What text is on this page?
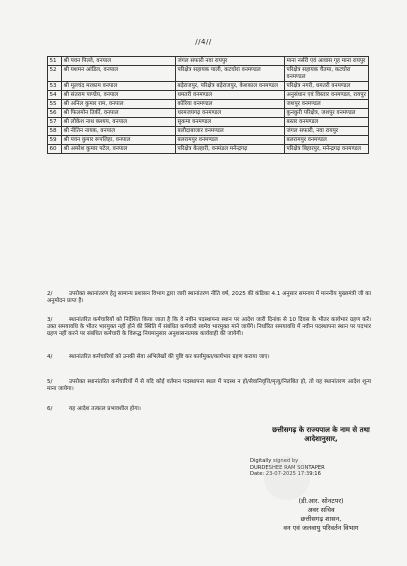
//4//
51	श्री पवन पिल्ले, वनपाल	जंगल सफारी नवा रायपुर	माना नर्सरी एवं आवास गृह माना रायपुर
52	श्री यशमन आंडिल, वनपाल	परिक्षेत्र सहायक पाली, कटघोरा वनमण्डल	परिक्षेत्र सहायक चैतमा, कटघोरा वनमण्डल
53	श्री मूलचंद मरकाम वनपाल	बड़ेराजपुर, परिक्षेत्र बड़ेराजपुर, केशकाल वनमण्डल	परिक्षेत्र नगरी, धमतरी वनमण्डल
54	श्री संतराम पाण्डेय, वनपाल	धमतरी वनमण्डल	अनुसंधान एवं विस्तार वनमण्डल, रायपुर
55	श्री अनिल कुमार राम, वनपाल	कोरिया वनमण्डल	जशपुर वनमण्डल
56	श्री फिलमोन तिर्की, वनपाल	धरमजयगढ़ वनमण्डल	कुनकुरी परिक्षेत्र, जशपुर वनमण्डल
57	श्री लोकेश नाथ कश्यप, वनपाल	सुकमा वनमण्डल	बस्तर वनमण्डल
58	श्री नीतिन नायक, वनपाल	बलौदाबाजार वनमण्डल	जंगल सफारी, नवा रायपुर
59	श्री पवन कुमार रूपलिहा, वनपाल	बलरामपुर वनमण्डल	बलरामपुर वनमण्डल
60	श्री अमरेश कुमार पटेल, वनपाल	परिक्षेत्र केल्हारी, वनमंडल मनेन्द्रगढ़	परिक्षेत्र बिहारपुर, मनेन्द्रगढ़ वनमण्डल
2/	उपरोक्त स्थानांतरण हेतु सामान्य प्रशासन विभाग द्वारा जारी स्थानांतरण नीति वर्ष, 2025 की कंडिका 4.1 अनुसार समन्वय में माननीय मुख्यमंत्री जी का अनुमोदन प्राप्त है।
3/	स्थानांतरित कर्मचारियों को निर्देशित किया जाता है कि वे नवीन पदस्थापना स्थान पर आदेश जारी दिनांक से 10 दिवस के भीतर कार्यभार ग्रहण करें। उक्त समयावधि के भीतर भारमुक्त नहीं होने की स्थिति में संबंधित कर्मचारी स्वमेव भारमुक्त माने जायेंगे। निर्धारित समयावधि में नवीन पदस्थापना स्थान पर पदभार ग्रहण नहीं करने पर संबंधित कर्मचारी के विरूद्ध नियमानुसार अनुशासनात्मक कार्यवाही की जायेगी।
4/	स्थानांतरित कर्मचारियों को उनकी सेवा अभिलेखों की पुष्टि कर कार्यमुक्त/कार्यभार ग्रहण कराया जाए।
5/	उपरोक्त स्थानांतरित कर्मचारियों में से यदि कोई वर्तमान पदस्थापना स्थल में पदस्थ न हो/सेवानिवृत्ति/मृत्यु/निलंबित हो, तो यह स्थानांतरण आदेश शून्य माना जायेगा।
6/	यह आदेश तत्काल प्रभावशील होगा।
छत्तीसगढ़ के राज्यपाल के नाम से तथा
आदेशानुसार,
Digitally signed by
DURDESHEE RAM SONTAPER
Date: 23-07-2025 17:39:16
(डी.आर. सोनटपर)
अवर सचिव
छत्तीसगढ़ शासन,
वन एवं जलवायु परिवर्तन विभाग
